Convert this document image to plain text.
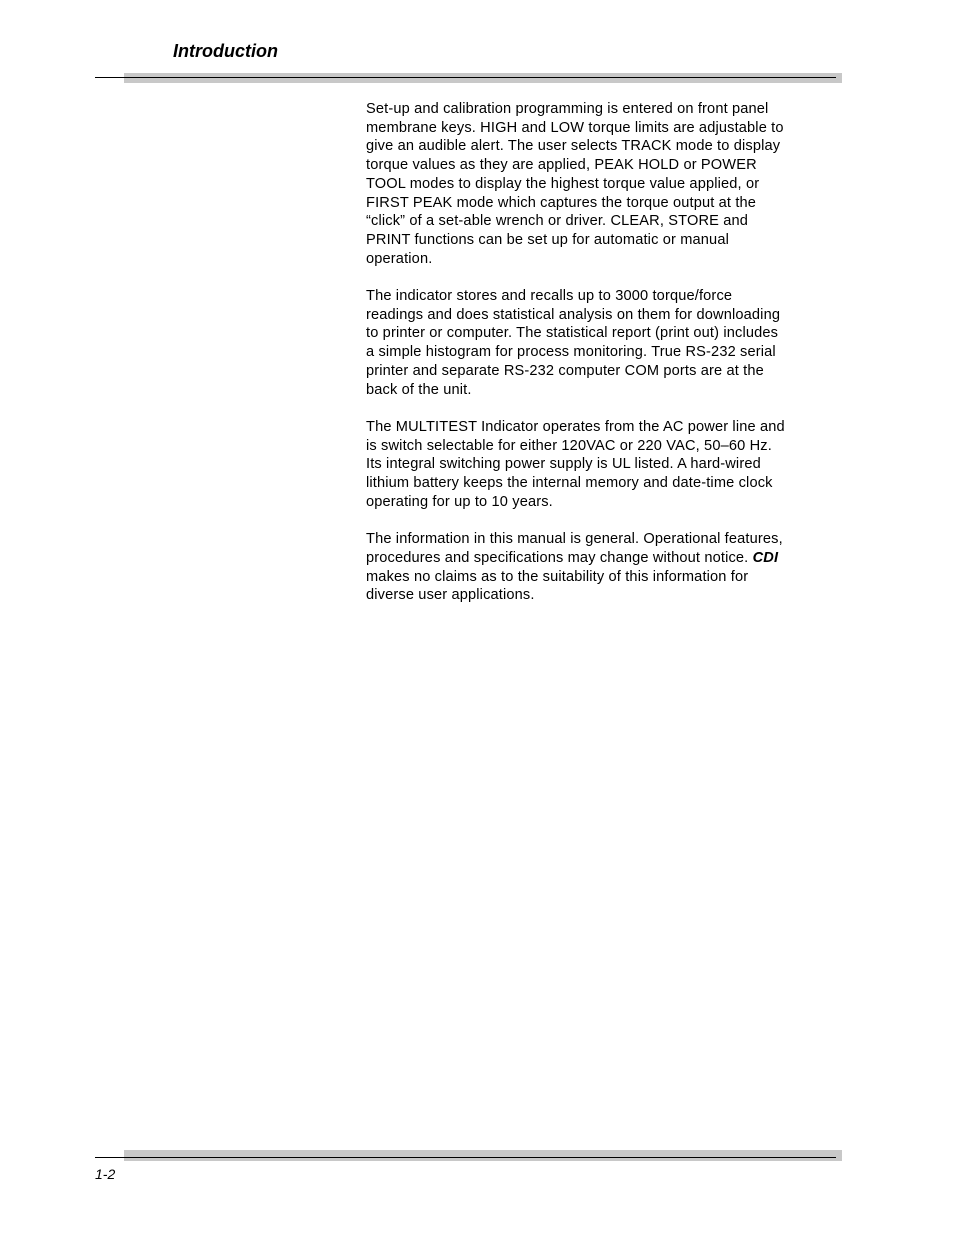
Introduction

Set-up and calibration programming is entered on front panel
membrane keys. HIGH and LOW torque limits are adjustable to
give an audible alert. The user selects TRACK mode to display
torque values as they are applied, PEAK HOLD or POWER
TOOL modes to display the highest torque value applied, or
FIRST PEAK mode which captures the torque output at the
“click” of a set-able wrench or driver. CLEAR, STORE and
PRINT functions can be set up for automatic or manual
operation.

The indicator stores and recalls up to 3000 torque/force
readings and does statistical analysis on them for downloading
to printer or computer. The statistical report (print out) includes
a simple histogram for process monitoring. True RS-232 serial
printer and separate RS-232 computer COM ports are at the
back of the unit.

The MULTITEST Indicator operates from the AC power line and
is switch selectable for either 120VAC or 220 VAC, 50–60 Hz.
Its integral switching power supply is UL listed. A hard-wired
lithium battery keeps the internal memory and date-time clock
operating for up to 10 years.

The information in this manual is general. Operational features,
procedures and specifications may change without notice. CDI
makes no claims as to the suitability of this information for
diverse user applications.

1-2
